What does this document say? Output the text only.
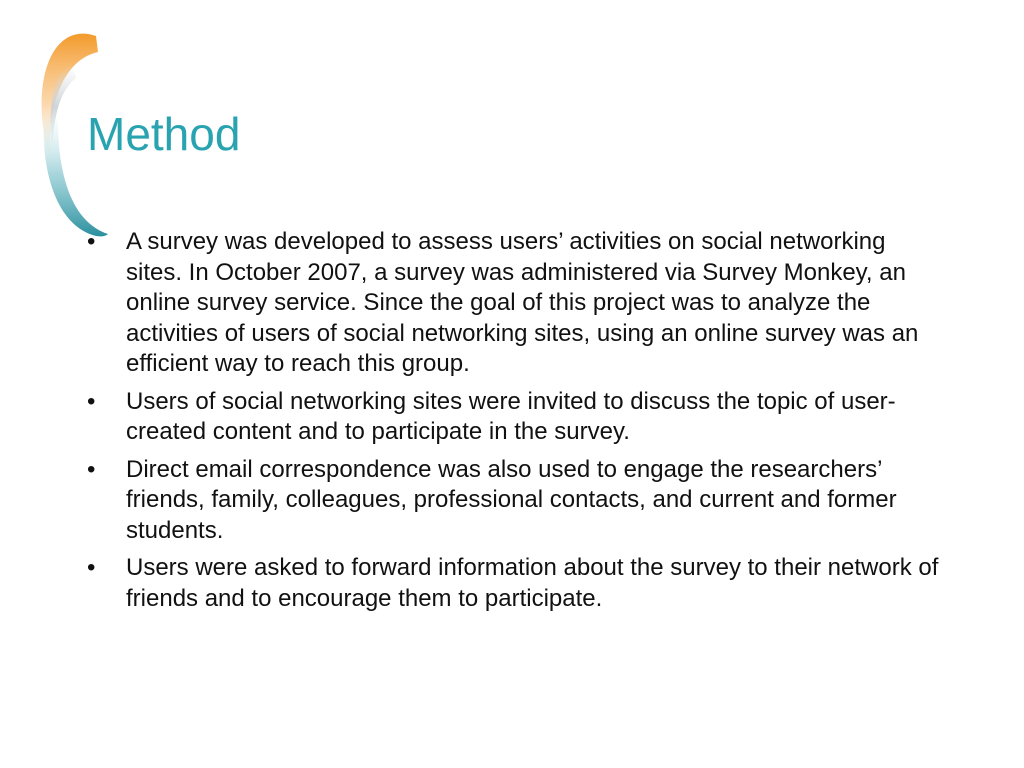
Method
• A survey was developed to assess users’ activities on social networking sites. In October 2007, a survey was administered via Survey Monkey, an online survey service. Since the goal of this project was to analyze the activities of users of social networking sites, using an online survey was an efficient way to reach this group.
• Users of social networking sites were invited to discuss the topic of user-created content and to participate in the survey.
• Direct email correspondence was also used to engage the researchers’ friends, family, colleagues, professional contacts, and current and former students.
• Users were asked to forward information about the survey to their network of friends and to encourage them to participate.
